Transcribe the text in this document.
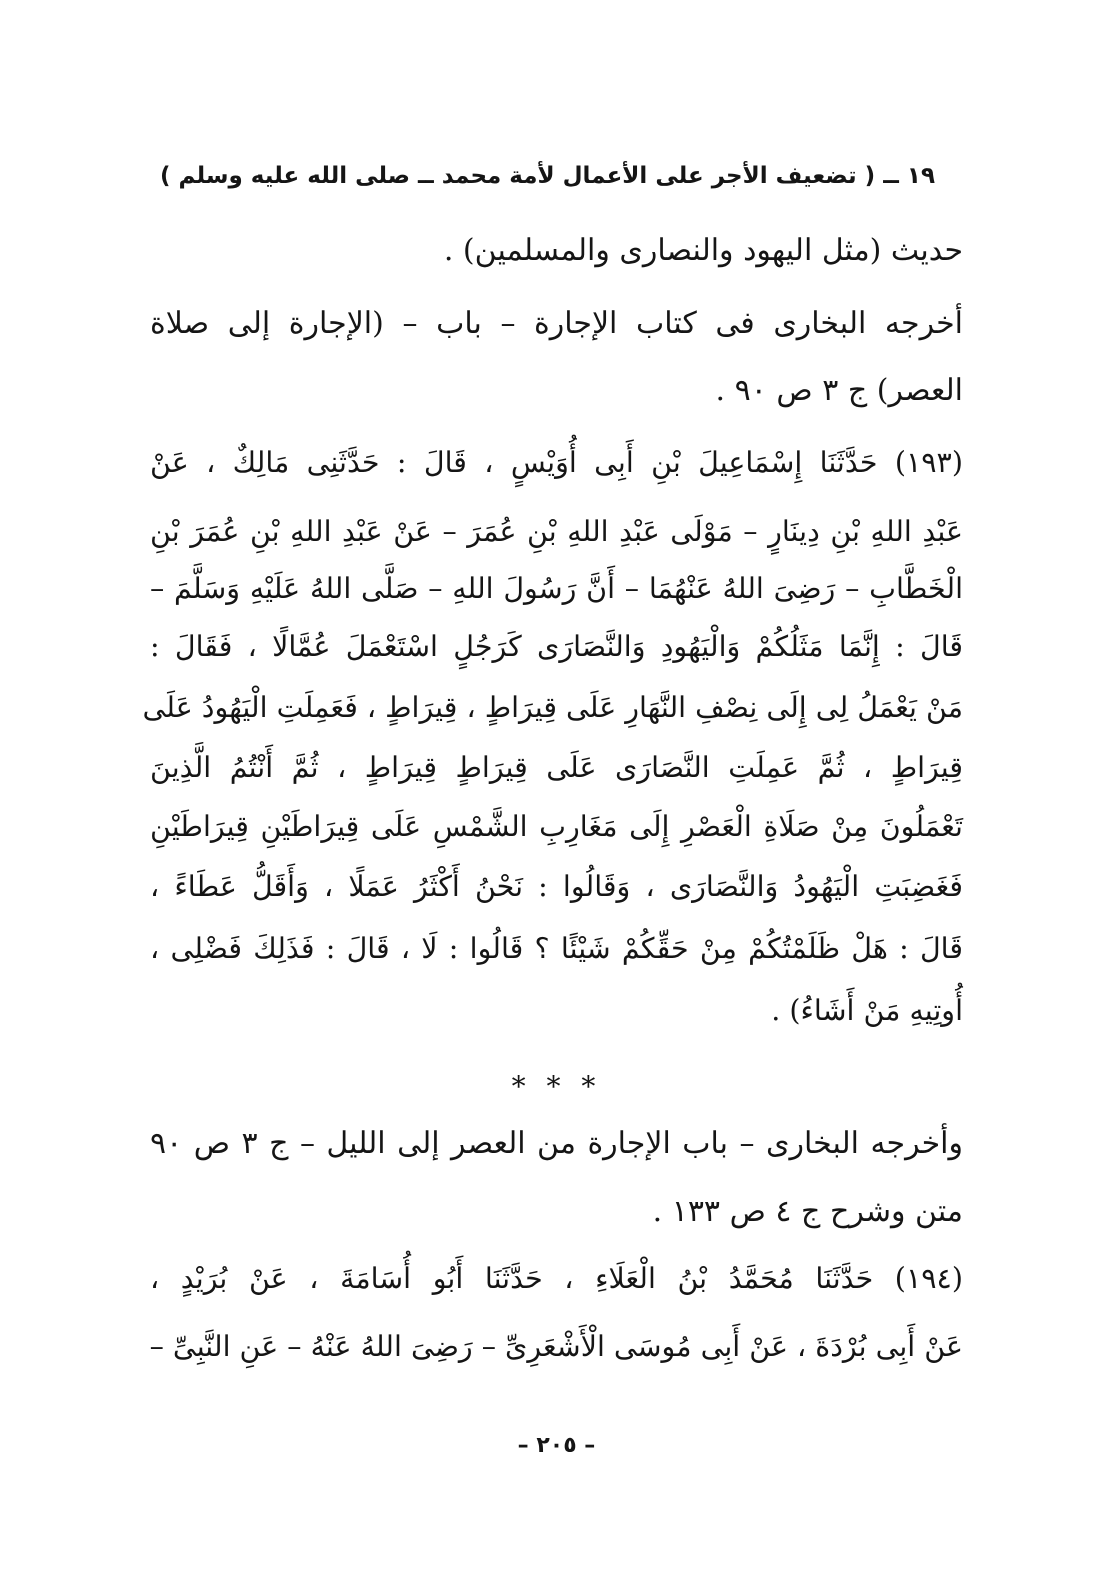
١٩ ــ ( تضعيف الأجر على الأعمال لأمة محمد ــ صلى الله عليه وسلم )
حديث (مثل اليهود والنصارى والمسلمين) .
أخرجه البخارى فى كتاب الإجارة – باب – (الإجارة إلى صلاة
العصر) ج ٣ ص ٩٠ .
(١٩٣) حَدَّثَنَا إِسْمَاعِيلَ بْنِ أَبِى أُوَيْسٍ ، قَالَ : حَدَّثَنِى مَالِكٌ ، عَنْ
عَبْدِ اللهِ بْنِ دِينَارٍ – مَوْلَى عَبْدِ اللهِ بْنِ عُمَرَ – عَنْ عَبْدِ اللهِ بْنِ عُمَرَ بْنِ
الْخَطَّابِ – رَضِىَ اللهُ عَنْهُمَا – أَنَّ رَسُولَ اللهِ – صَلَّى اللهُ عَلَيْهِ وَسَلَّمَ –
قَالَ : إِنَّمَا مَثَلُكُمْ وَالْيَهُودِ وَالنَّصَارَى كَرَجُلٍ اسْتَعْمَلَ عُمَّالًا ، فَقَالَ :
مَنْ يَعْمَلُ لِى إِلَى نِصْفِ النَّهَارِ عَلَى قِيرَاطٍ ، قِيرَاطٍ ، فَعَمِلَتِ الْيَهُودُ عَلَى
قِيرَاطٍ ، ثُمَّ عَمِلَتِ النَّصَارَى عَلَى قِيرَاطٍ قِيرَاطٍ ، ثُمَّ أَنْتُمُ الَّذِينَ
تَعْمَلُونَ مِنْ صَلَاةِ الْعَصْرِ إِلَى مَغَارِبِ الشَّمْسِ عَلَى قِيرَاطَيْنِ قِيرَاطَيْنِ
فَغَضِبَتِ الْيَهُودُ وَالنَّصَارَى ، وَقَالُوا : نَحْنُ أَكْثَرُ عَمَلًا ، وَأَقَلُّ عَطَاءً ،
قَالَ : هَلْ ظَلَمْتُكُمْ مِنْ حَقِّكُمْ شَيْئًا ؟ قَالُوا : لَا ، قَالَ : فَذَلِكَ فَضْلِى ،
أُوتِيهِ مَنْ أَشَاءُ) .
* * *
وأخرجه البخارى – باب الإجارة من العصر إلى الليل – ج ٣ ص ٩٠
متن وشرح ج ٤ ص ١٣٣ .
(١٩٤) حَدَّثَنَا مُحَمَّدُ بْنُ الْعَلَاءِ ، حَدَّثَنَا أَبُو أُسَامَةَ ، عَنْ بُرَيْدٍ ،
عَنْ أَبِى بُرْدَةَ ، عَنْ أَبِى مُوسَى الْأَشْعَرِىِّ – رَضِىَ اللهُ عَنْهُ – عَنِ النَّبِىِّ –
– ٢٠٥ –
